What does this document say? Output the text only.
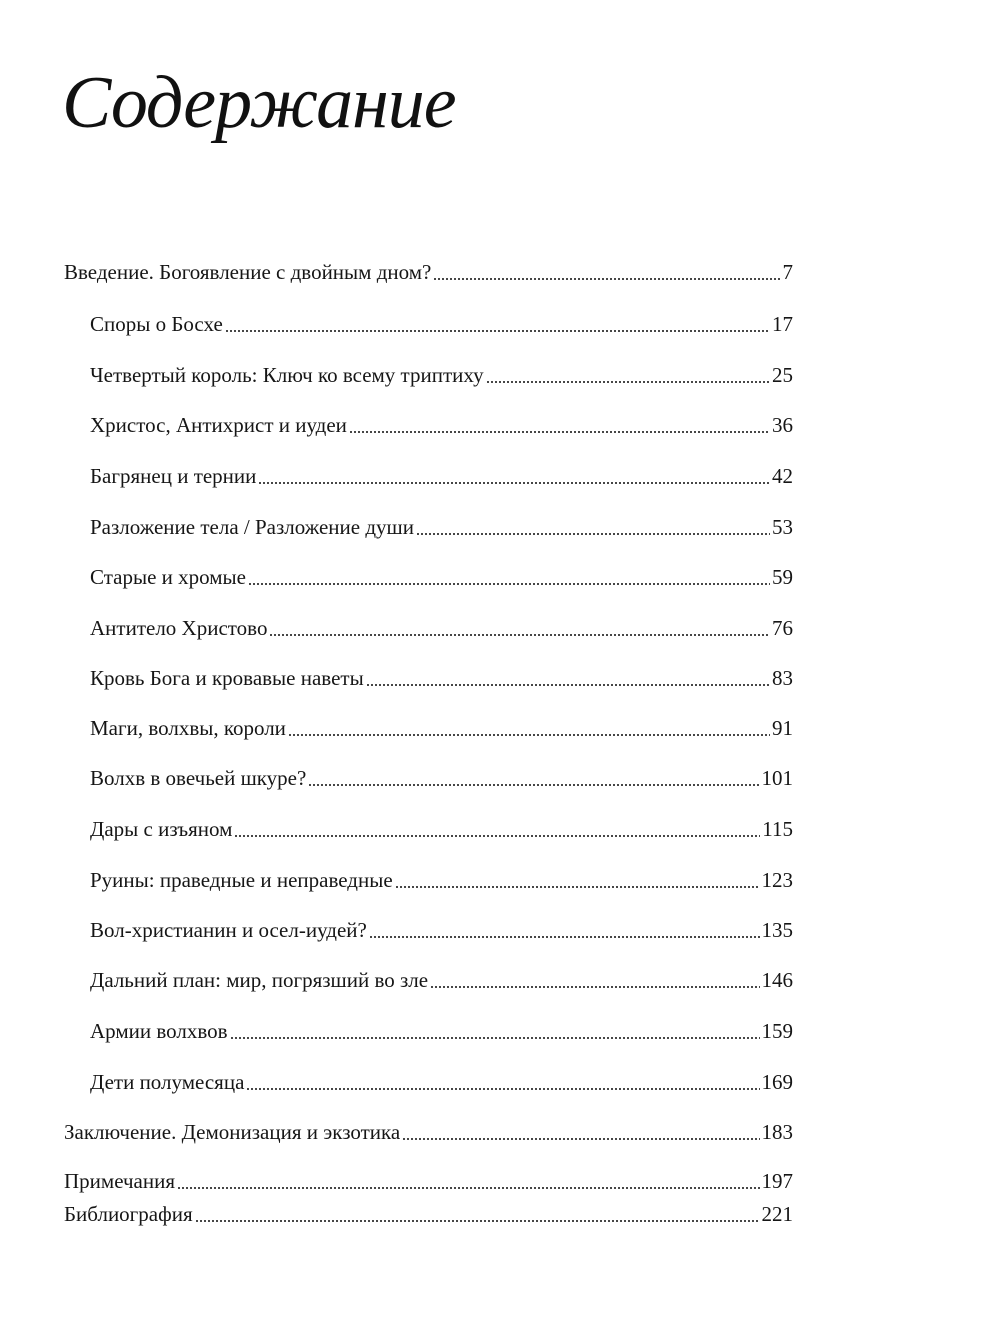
Содержание
Введение. Богоявление с двойным дном?	7
Споры о Босхе	17
Четвертый король: Ключ ко всему триптиху	25
Христос, Антихрист и иудеи	36
Багрянец и тернии	42
Разложение тела / Разложение души	53
Старые и хромые	59
Антитело Христово	76
Кровь Бога и кровавые наветы	83
Маги, волхвы, короли	91
Волхв в овечьей шкуре?	101
Дары с изъяном	115
Руины: праведные и неправедные	123
Вол-христианин и осел-иудей?	135
Дальний план: мир, погрязший во зле	146
Армии волхвов	159
Дети полумесяца	169
Заключение. Демонизация и экзотика	183
Примечания	197
Библиография	221
